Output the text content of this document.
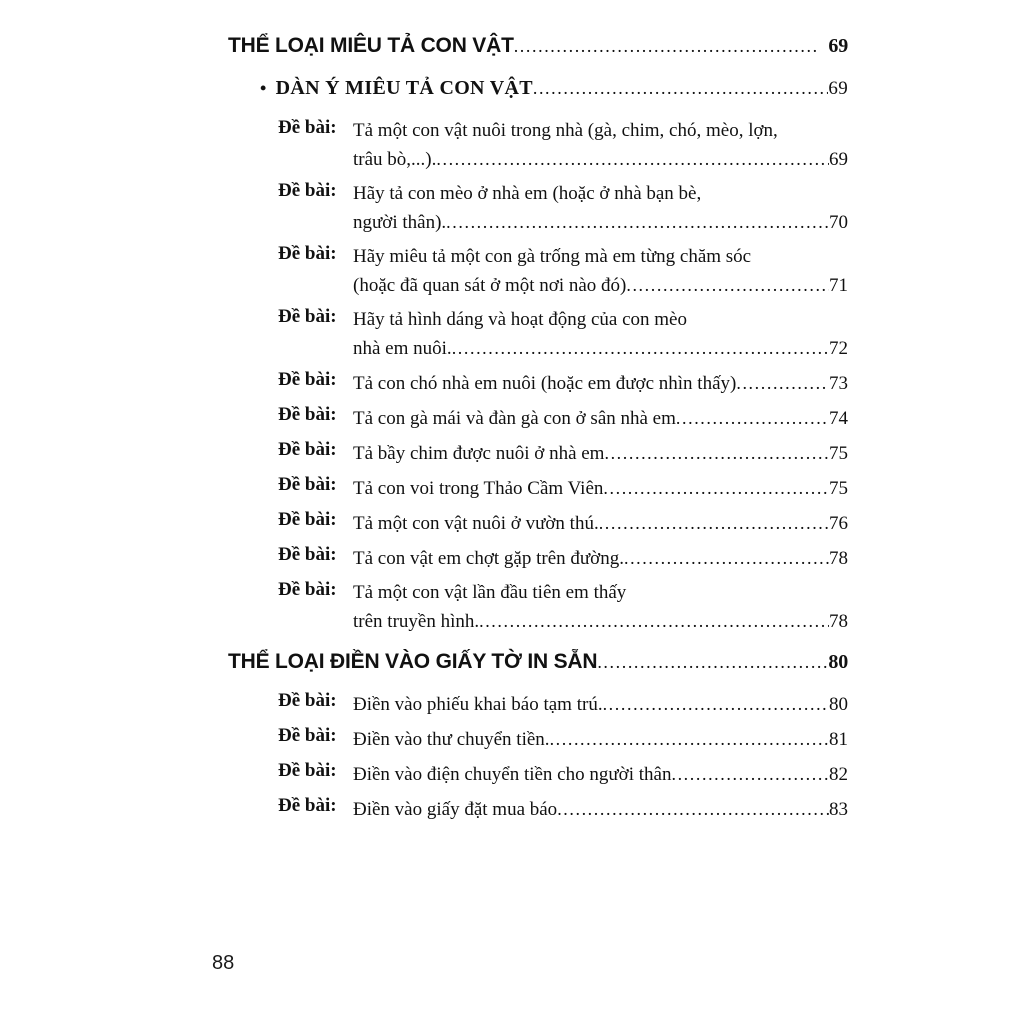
THỂ LOẠI MIÊU TẢ CON VẬT .....	69
• DÀN Ý MIÊU TẢ CON VẬT .....	69
Đề bài: Tả một con vật nuôi trong nhà (gà, chim, chó, mèo, lợn,
trâu bò,...). .....	69
Đề bài: Hãy tả con mèo ở nhà em (hoặc ở nhà bạn bè,
người thân). .....	70
Đề bài: Hãy miêu tả một con gà trống mà em từng chăm sóc
(hoặc đã quan sát ở một nơi nào đó) .....	71
Đề bài: Hãy tả hình dáng và hoạt động của con mèo
nhà em nuôi. .....	72
Đề bài: Tả con chó nhà em nuôi (hoặc em được nhìn thấy) .....	73
Đề bài: Tả con gà mái và đàn gà con ở sân nhà em .....	74
Đề bài: Tả bầy chim được nuôi ở nhà em .....	75
Đề bài: Tả con voi trong Thảo Cầm Viên .....	75
Đề bài: Tả một con vật nuôi ở vườn thú. .....	76
Đề bài: Tả con vật em chợt gặp trên đường. .....	78
Đề bài: Tả một con vật lần đầu tiên em thấy
trên truyền hình. .....	78
THỂ LOẠI ĐIỀN VÀO GIẤY TỜ IN SẴN .....	80
Đề bài: Điền vào phiếu khai báo tạm trú. .....	80
Đề bài: Điền vào thư chuyển tiền. .....	81
Đề bài: Điền vào điện chuyển tiền cho người thân .....	82
Đề bài: Điền vào giấy đặt mua báo .....	83
88
